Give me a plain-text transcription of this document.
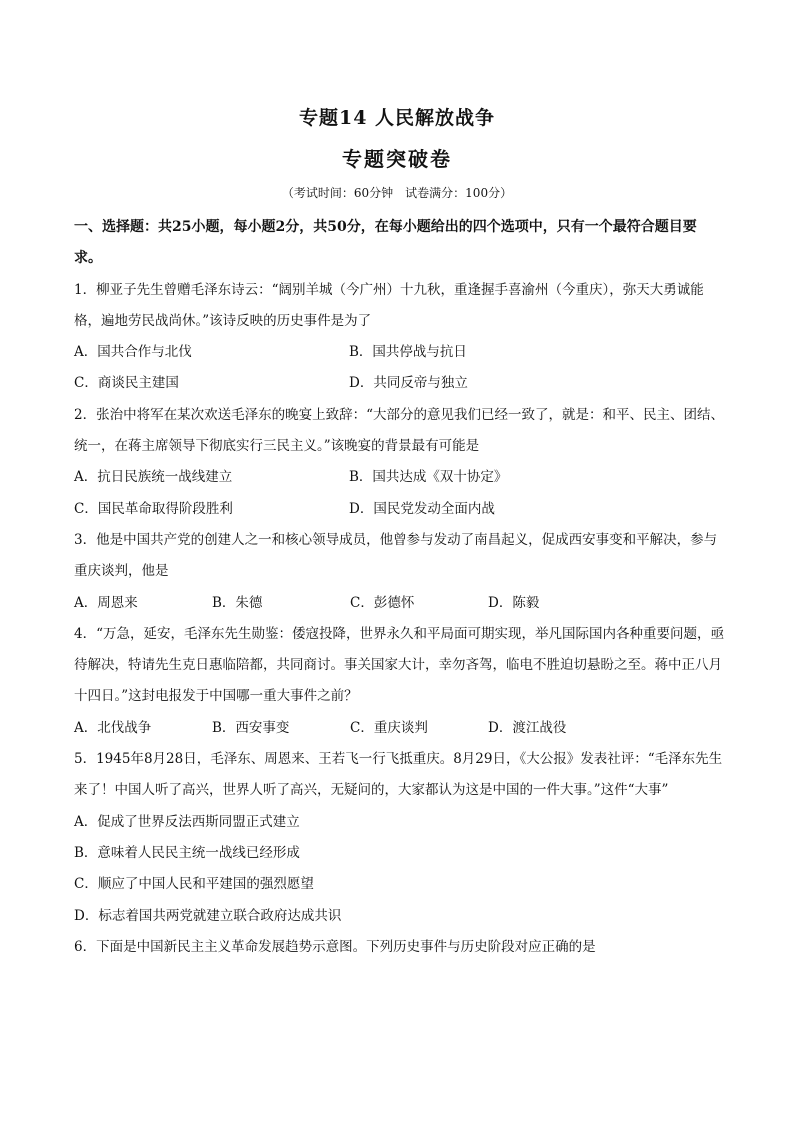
专题14 人民解放战争
专题突破卷
（考试时间：60分钟　试卷满分：100分）
一、选择题：共25小题，每小题2分，共50分，在每小题给出的四个选项中，只有一个最符合题目要求。
1．柳亚子先生曾赠毛泽东诗云：“阔别羊城（今广州）十九秋，重逢握手喜渝州（今重庆），弥天大勇诚能格，遍地劳民战尚休。”该诗反映的历史事件是为了
A．国共合作与北伐	B．国共停战与抗日
C．商谈民主建国	D．共同反帝与独立
2．张治中将军在某次欢送毛泽东的晚宴上致辞：“大部分的意见我们已经一致了，就是：和平、民主、团结、统一，在蒋主席领导下彻底实行三民主义。”该晚宴的背景最有可能是
A．抗日民族统一战线建立	B．国共达成《双十协定》
C．国民革命取得阶段胜利	D．国民党发动全面内战
3．他是中国共产党的创建人之一和核心领导成员，他曾参与发动了南昌起义，促成西安事变和平解决，参与重庆谈判，他是
A．周恩来	B．朱德	C．彭德怀	D．陈毅
4．“万急，延安，毛泽东先生勋鉴：倭寇投降，世界永久和平局面可期实现，举凡国际国内各种重要问题，亟待解决，特请先生克日惠临陪都，共同商讨。事关国家大计，幸勿吝驾，临电不胜迫切悬盼之至。蒋中正八月十四日。”这封电报发于中国哪一重大事件之前？
A．北伐战争	B．西安事变	C．重庆谈判	D．渡江战役
5．1945年8月28日，毛泽东、周恩来、王若飞一行飞抵重庆。8月29日，《大公报》发表社评：“毛泽东先生来了！中国人听了高兴，世界人听了高兴，无疑问的，大家都认为这是中国的一件大事。”这件“大事”
A．促成了世界反法西斯同盟正式建立
B．意味着人民民主统一战线已经形成
C．顺应了中国人民和平建国的强烈愿望
D．标志着国共两党就建立联合政府达成共识
6．下面是中国新民主主义革命发展趋势示意图。下列历史事件与历史阶段对应正确的是
